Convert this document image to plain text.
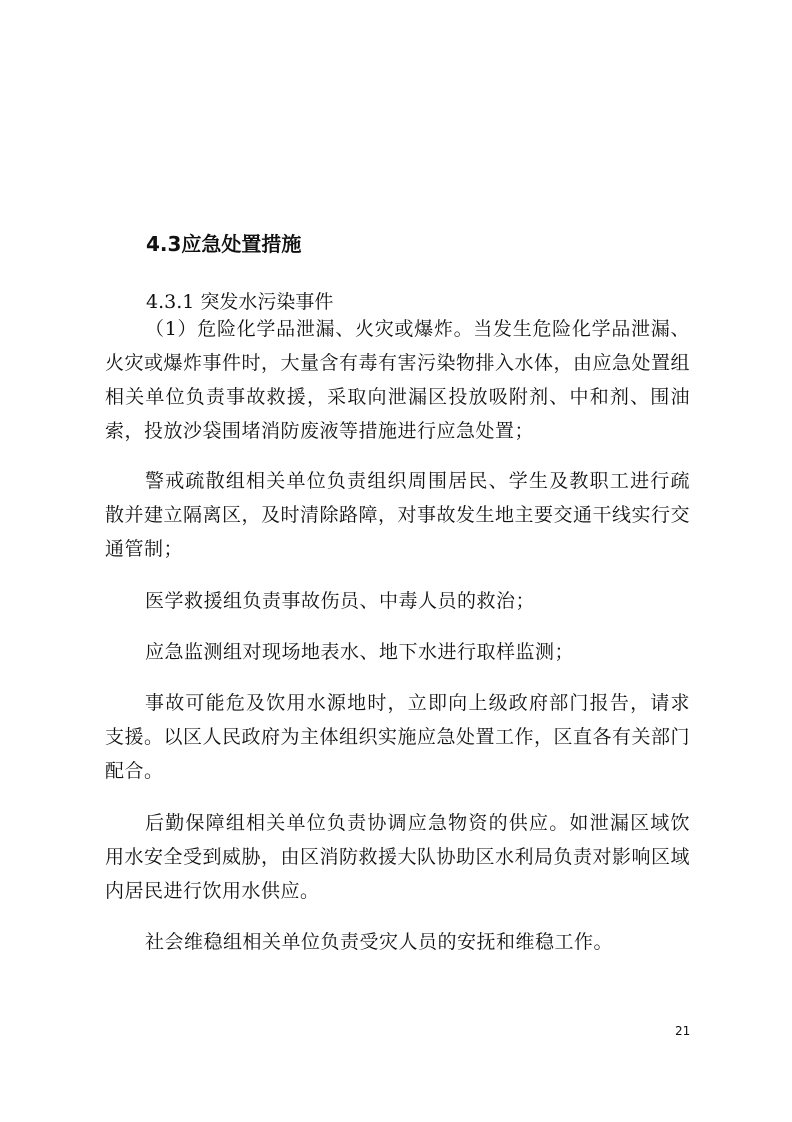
4.3应急处置措施
4.3.1 突发水污染事件

（1）危险化学品泄漏、火灾或爆炸。当发生危险化学品泄漏、火灾或爆炸事件时，大量含有毒有害污染物排入水体，由应急处置组相关单位负责事故救援，采取向泄漏区投放吸附剂、中和剂、围油索，投放沙袋围堵消防废液等措施进行应急处置；

警戒疏散组相关单位负责组织周围居民、学生及教职工进行疏散并建立隔离区，及时清除路障，对事故发生地主要交通干线实行交通管制；

医学救援组负责事故伤员、中毒人员的救治；

应急监测组对现场地表水、地下水进行取样监测；

事故可能危及饮用水源地时，立即向上级政府部门报告，请求支援。以区人民政府为主体组织实施应急处置工作，区直各有关部门配合。

后勤保障组相关单位负责协调应急物资的供应。如泄漏区域饮用水安全受到威胁，由区消防救援大队协助区水利局负责对影响区域内居民进行饮用水供应。

社会维稳组相关单位负责受灾人员的安抚和维稳工作。

21
